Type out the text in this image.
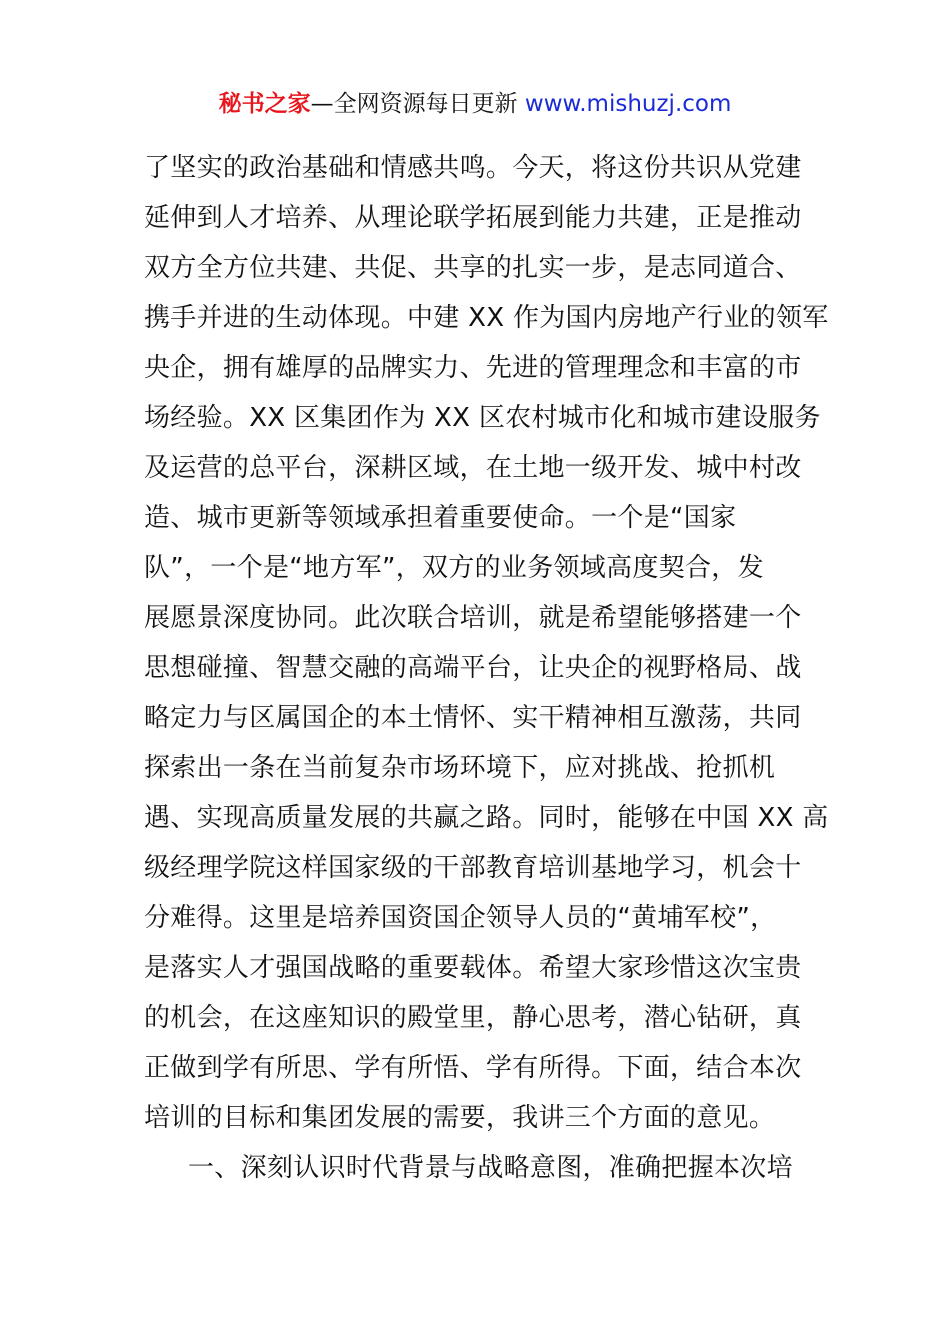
秘书之家—全网资源每日更新 www.mishuzj.com
了坚实的政治基础和情感共鸣。今天，将这份共识从党建
延伸到人才培养、从理论联学拓展到能力共建，正是推动
双方全方位共建、共促、共享的扎实一步，是志同道合、
携手并进的生动体现。中建 XX 作为国内房地产行业的领军
央企，拥有雄厚的品牌实力、先进的管理理念和丰富的市
场经验。XX 区集团作为 XX 区农村城市化和城市建设服务
及运营的总平台，深耕区域，在土地一级开发、城中村改
造、城市更新等领域承担着重要使命。一个是“国家
队”，一个是“地方军”，双方的业务领域高度契合，发
展愿景深度协同。此次联合培训，就是希望能够搭建一个
思想碰撞、智慧交融的高端平台，让央企的视野格局、战
略定力与区属国企的本土情怀、实干精神相互激荡，共同
探索出一条在当前复杂市场环境下，应对挑战、抢抓机
遇、实现高质量发展的共赢之路。同时，能够在中国 XX 高
级经理学院这样国家级的干部教育培训基地学习，机会十
分难得。这里是培养国资国企领导人员的“黄埔军校”，
是落实人才强国战略的重要载体。希望大家珍惜这次宝贵
的机会，在这座知识的殿堂里，静心思考，潜心钻研，真
正做到学有所思、学有所悟、学有所得。下面，结合本次
培训的目标和集团发展的需要，我讲三个方面的意见。
一、深刻认识时代背景与战略意图，准确把握本次培
